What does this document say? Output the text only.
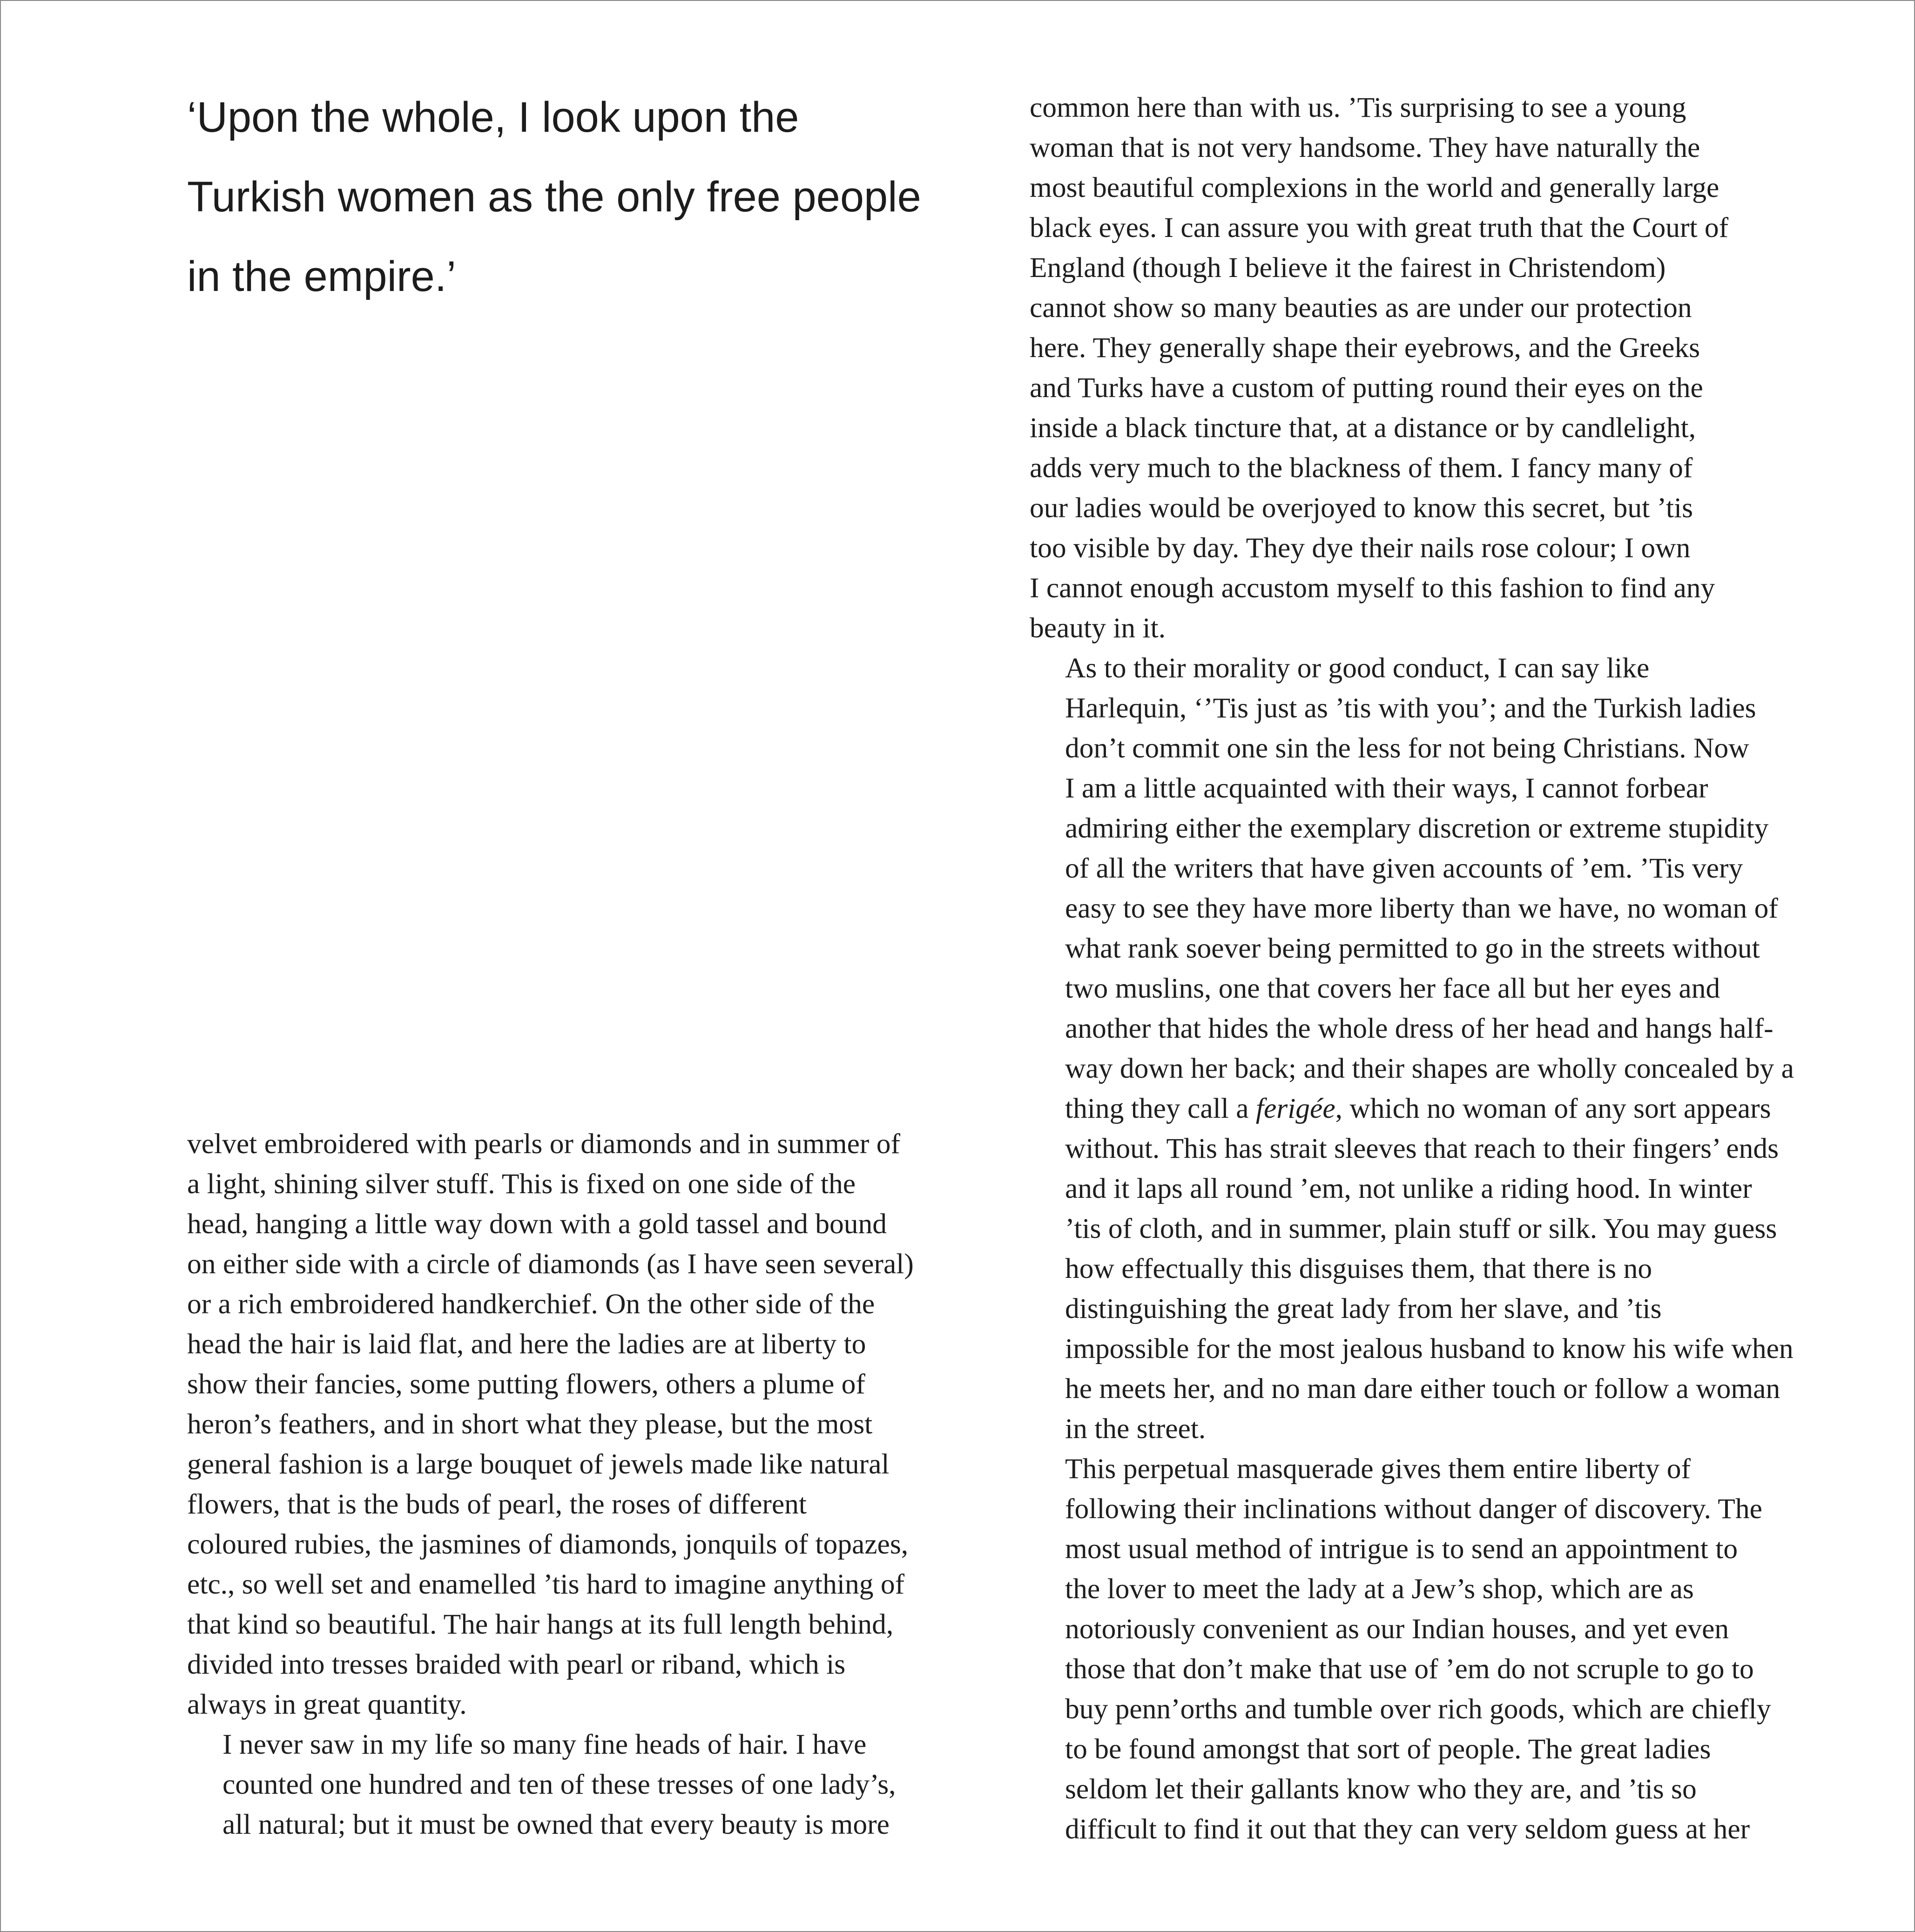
‘Upon the whole, I look upon the
Turkish women as the only free people
in the empire.’

velvet embroidered with pearls or diamonds and in summer of
a light, shining silver stuff. This is fixed on one side of the
head, hanging a little way down with a gold tassel and bound
on either side with a circle of diamonds (as I have seen several)
or a rich embroidered handkerchief. On the other side of the
head the hair is laid flat, and here the ladies are at liberty to
show their fancies, some putting flowers, others a plume of
heron’s feathers, and in short what they please, but the most
general fashion is a large bouquet of jewels made like natural
flowers, that is the buds of pearl, the roses of different
coloured rubies, the jasmines of diamonds, jonquils of topazes,
etc., so well set and enamelled ’tis hard to imagine anything of
that kind so beautiful. The hair hangs at its full length behind,
divided into tresses braided with pearl or riband, which is
always in great quantity.

I never saw in my life so many fine heads of hair. I have
counted one hundred and ten of these tresses of one lady’s,
all natural; but it must be owned that every beauty is more

common here than with us. ’Tis surprising to see a young
woman that is not very handsome. They have naturally the
most beautiful complexions in the world and generally large
black eyes. I can assure you with great truth that the Court of
England (though I believe it the fairest in Christendom)
cannot show so many beauties as are under our protection
here. They generally shape their eyebrows, and the Greeks
and Turks have a custom of putting round their eyes on the
inside a black tincture that, at a distance or by candlelight,
adds very much to the blackness of them. I fancy many of
our ladies would be overjoyed to know this secret, but ’tis
too visible by day. They dye their nails rose colour; I own
I cannot enough accustom myself to this fashion to find any
beauty in it.

As to their morality or good conduct, I can say like
Harlequin, ‘’Tis just as ’tis with you’; and the Turkish ladies
don’t commit one sin the less for not being Christians. Now
I am a little acquainted with their ways, I cannot forbear
admiring either the exemplary discretion or extreme stupidity
of all the writers that have given accounts of ’em. ’Tis very
easy to see they have more liberty than we have, no woman of
what rank soever being permitted to go in the streets without
two muslins, one that covers her face all but her eyes and
another that hides the whole dress of her head and hangs half-
way down her back; and their shapes are wholly concealed by a
thing they call a ferigée, which no woman of any sort appears
without. This has strait sleeves that reach to their fingers’ ends
and it laps all round ’em, not unlike a riding hood. In winter
’tis of cloth, and in summer, plain stuff or silk. You may guess
how effectually this disguises them, that there is no
distinguishing the great lady from her slave, and ’tis
impossible for the most jealous husband to know his wife when
he meets her, and no man dare either touch or follow a woman
in the street.

This perpetual masquerade gives them entire liberty of
following their inclinations without danger of discovery. The
most usual method of intrigue is to send an appointment to
the lover to meet the lady at a Jew’s shop, which are as
notoriously convenient as our Indian houses, and yet even
those that don’t make that use of ’em do not scruple to go to
buy penn’orths and tumble over rich goods, which are chiefly
to be found amongst that sort of people. The great ladies
seldom let their gallants know who they are, and ’tis so
difficult to find it out that they can very seldom guess at her
